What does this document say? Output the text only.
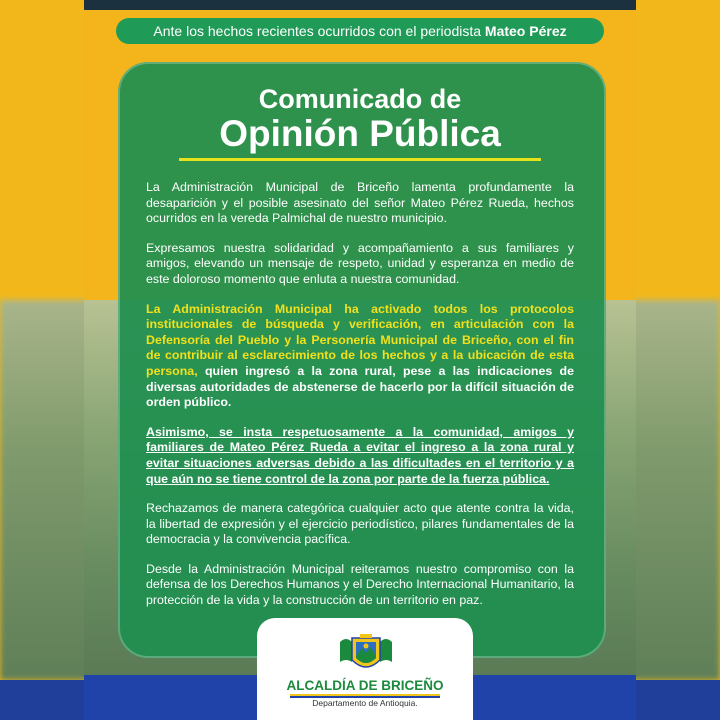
Ante los hechos recientes ocurridos con el periodista Mateo Pérez
Comunicado de
Opinión Pública

La Administración Municipal de Briceño lamenta profundamente la desaparición y el posible asesinato del señor Mateo Pérez Rueda, hechos ocurridos en la vereda Palmichal de nuestro municipio.

Expresamos nuestra solidaridad y acompañamiento a sus familiares y amigos, elevando un mensaje de respeto, unidad y esperanza en medio de este doloroso momento que enluta a nuestra comunidad.

La Administración Municipal ha activado todos los protocolos institucionales de búsqueda y verificación, en articulación con la Defensoría del Pueblo y la Personería Municipal de Briceño, con el fin de contribuir al esclarecimiento de los hechos y a la ubicación de esta persona, quien ingresó a la zona rural, pese a las indicaciones de diversas autoridades de abstenerse de hacerlo por la difícil situación de orden público.

Asimismo, se insta respetuosamente a la comunidad, amigos y familiares de Mateo Pérez Rueda a evitar el ingreso a la zona rural y evitar situaciones adversas debido a las dificultades en el territorio y a que aún no se tiene control de la zona por parte de la fuerza pública.

Rechazamos de manera categórica cualquier acto que atente contra la vida, la libertad de expresión y el ejercicio periodístico, pilares fundamentales de la democracia y la convivencia pacífica.

Desde la Administración Municipal reiteramos nuestro compromiso con la defensa de los Derechos Humanos y el Derecho Internacional Humanitario, la protección de la vida y la construcción de un territorio en paz.

ALCALDÍA DE BRICEÑO
Departamento de Antioquia.
